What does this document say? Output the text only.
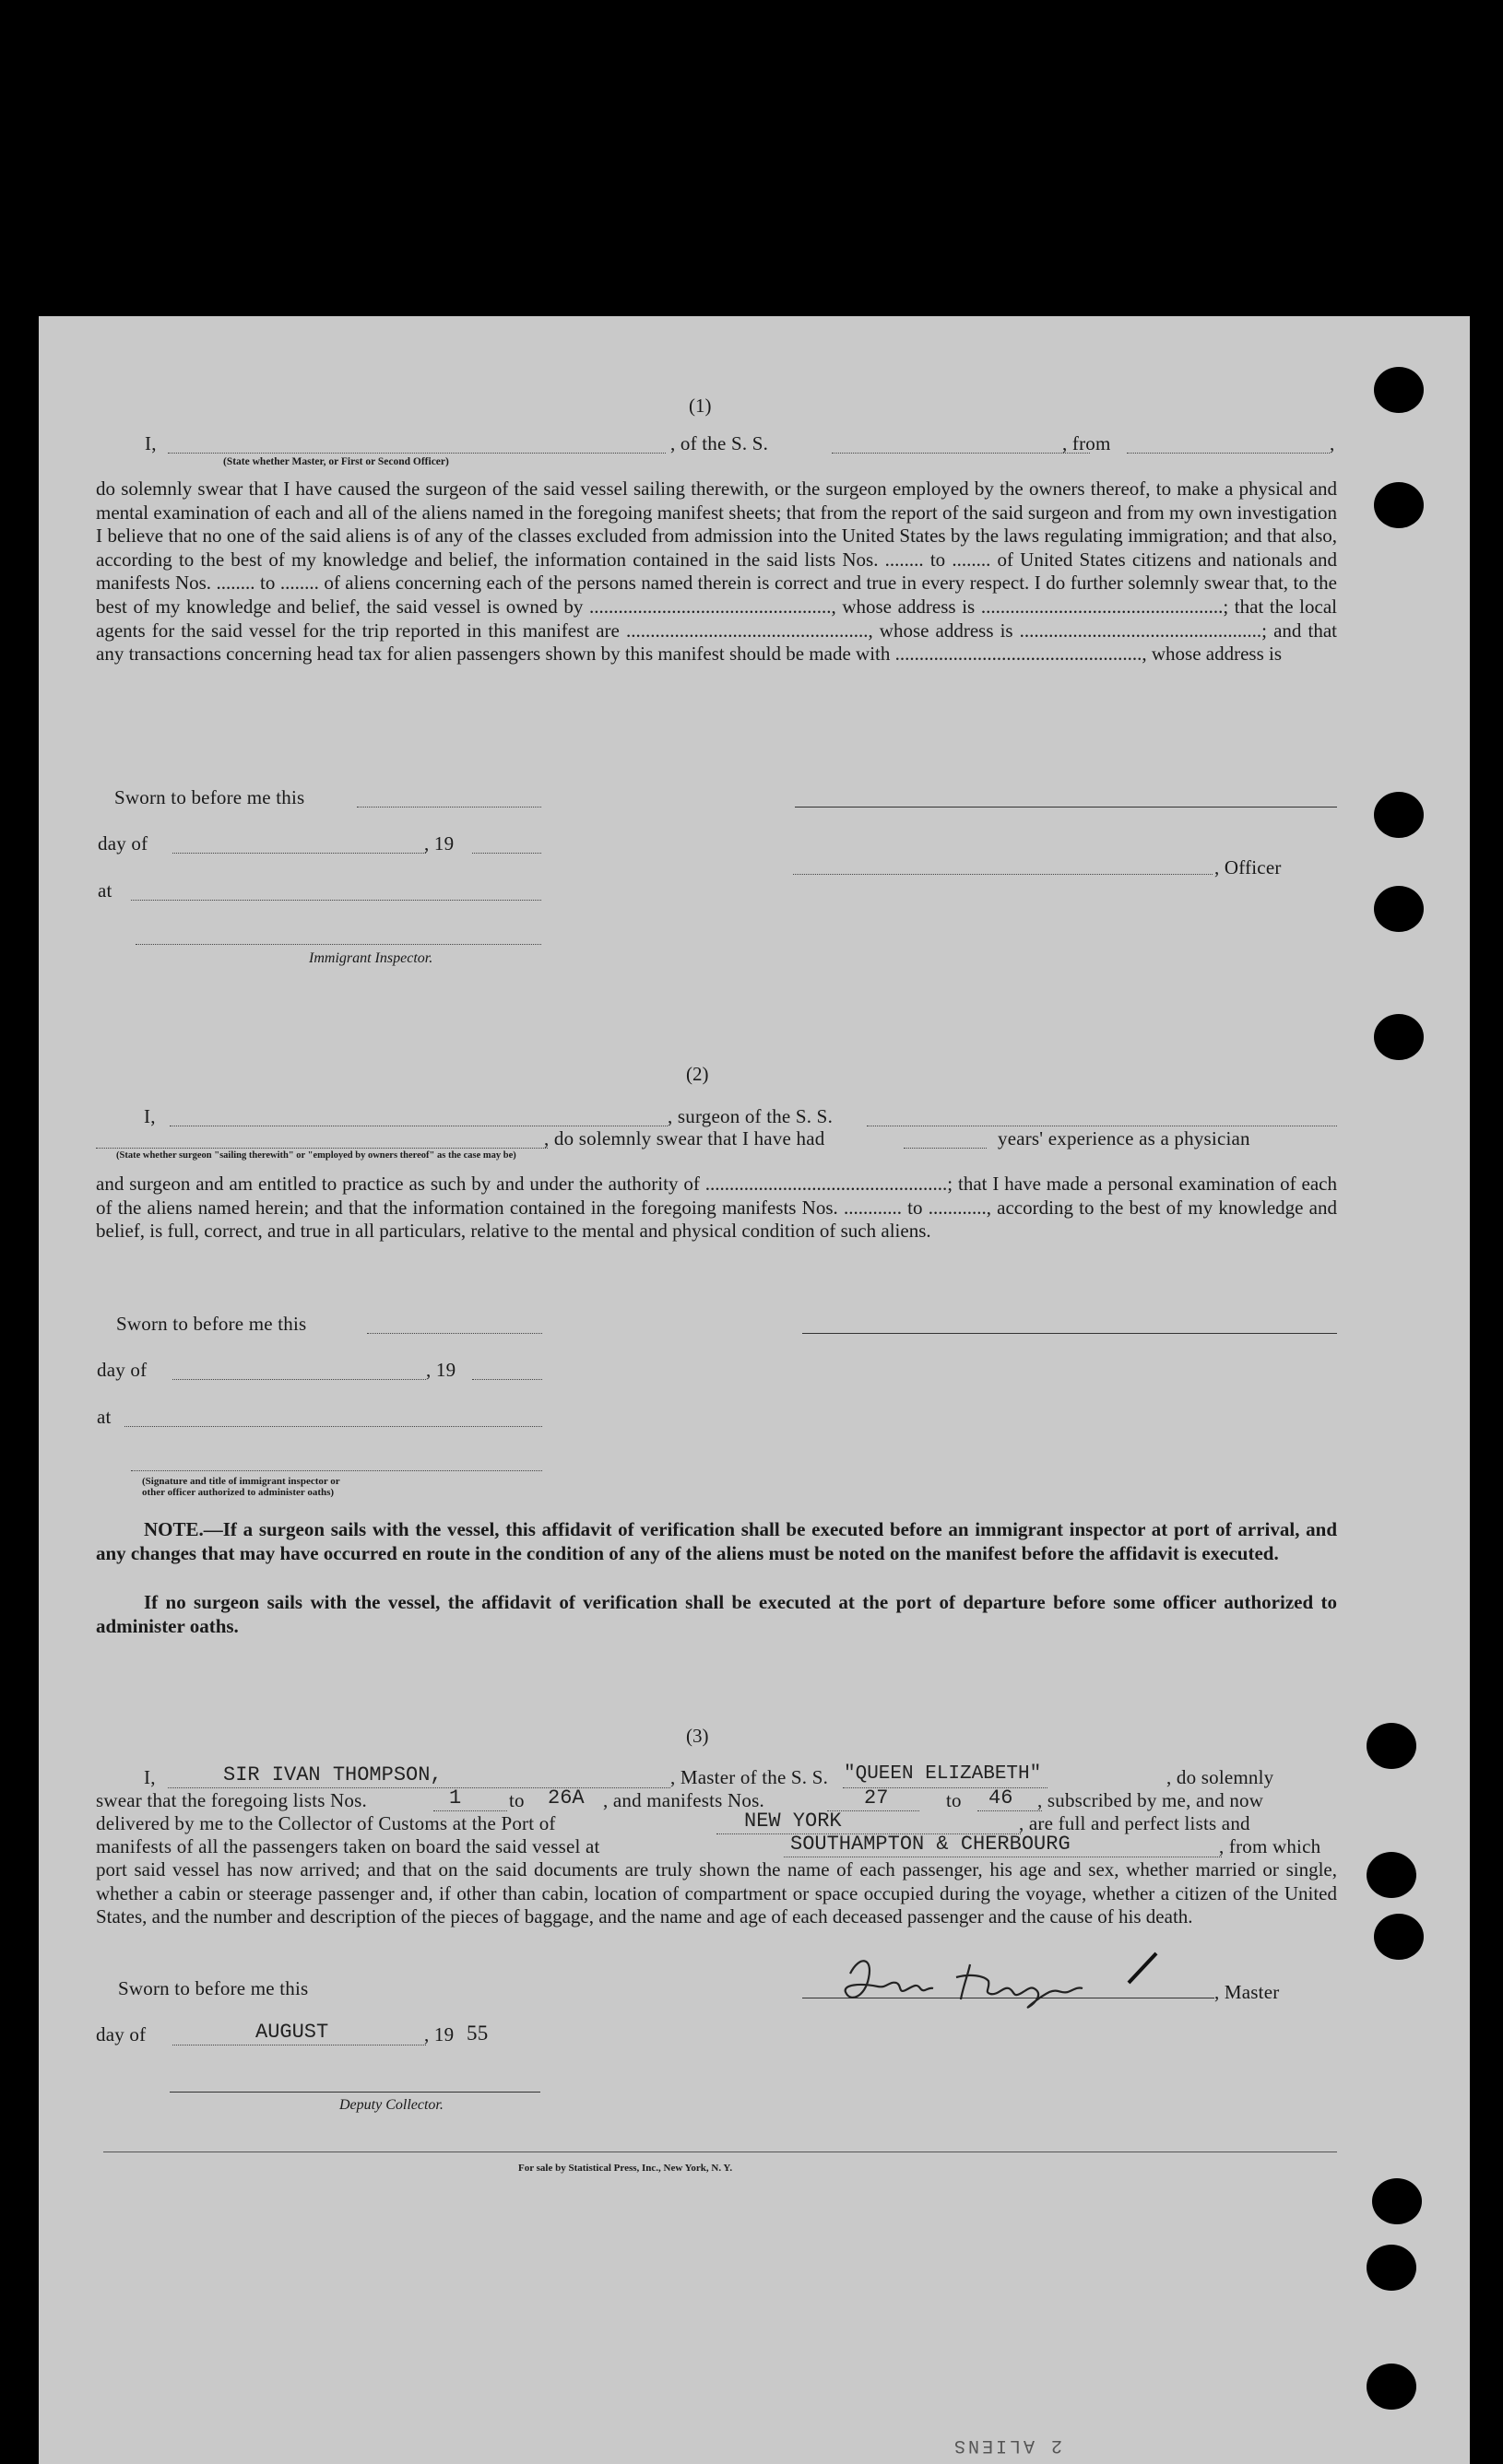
(1)
I,	, of the S. S.	, from	,
(State whether Master, or First or Second Officer)
do solemnly swear that I have caused the surgeon of the said vessel sailing therewith, or the surgeon employed by the owners thereof, to make a physical and mental examination of each and all of the aliens named in the foregoing manifest sheets; that from the report of the said surgeon and from my own investigation I believe that no one of the said aliens is of any of the classes excluded from admission into the United States by the laws regulating immigration; and that also, according to the best of my knowledge and belief, the information contained in the said lists Nos. ........ to ........ of United States citizens and nationals and manifests Nos. ........ to ........ of aliens concerning each of the persons named therein is correct and true in every respect. I do further solemnly swear that, to the best of my knowledge and belief, the said vessel is owned by .................................................., whose address is ..................................................; that the local agents for the said vessel for the trip reported in this manifest are .................................................., whose address is ..................................................; and that any transactions concerning head tax for alien passengers shown by this manifest should be made with ..................................................., whose address is
Sworn to before me this
day of	, 19
, Officer
at
Immigrant Inspector.
(2)
I,	, surgeon of the S. S.
, do solemnly swear that I have had	years' experience as a physician
(State whether surgeon "sailing therewith" or "employed by owners thereof" as the case may be)
and surgeon and am entitled to practice as such by and under the authority of ..................................................; that I have made a personal examination of each of the aliens named herein; and that the information contained in the foregoing manifests Nos. ............ to ............, according to the best of my knowledge and belief, is full, correct, and true in all particulars, relative to the mental and physical condition of such aliens.
Sworn to before me this
day of	, 19
at
(Signature and title of immigrant inspector or
other officer authorized to administer oaths)
NOTE.—If a surgeon sails with the vessel, this affidavit of verification shall be executed before an immigrant inspector at port of arrival, and any changes that may have occurred en route in the condition of any of the aliens must be noted on the manifest before the affidavit is executed.
If no surgeon sails with the vessel, the affidavit of verification shall be executed at the port of departure before some officer authorized to administer oaths.
(3)
I,	SIR IVAN THOMPSON,	, Master of the S. S. "QUEEN ELIZABETH"	, do solemnly
swear that the foregoing lists Nos.	1 to 26A , and manifests Nos.	27	to 46 , subscribed by me, and now
delivered by me to the Collector of Customs at the Port of	NEW YORK	, are full and perfect lists and
manifests of all the passengers taken on board the said vessel at	SOUTHAMPTON & CHERBOURG	, from which
port said vessel has now arrived; and that on the said documents are truly shown the name of each passenger, his age and sex, whether married or single, whether a cabin or steerage passenger and, if other than cabin, location of compartment or space occupied during the voyage, whether a citizen of the United States, and the number and description of the pieces of baggage, and the name and age of each deceased passenger and the cause of his death.
Sworn to before me this	, Master
day of	AUGUST	, 19 55
Deputy Collector.
For sale by Statistical Press, Inc., New York, N. Y.
2 ALIENS
